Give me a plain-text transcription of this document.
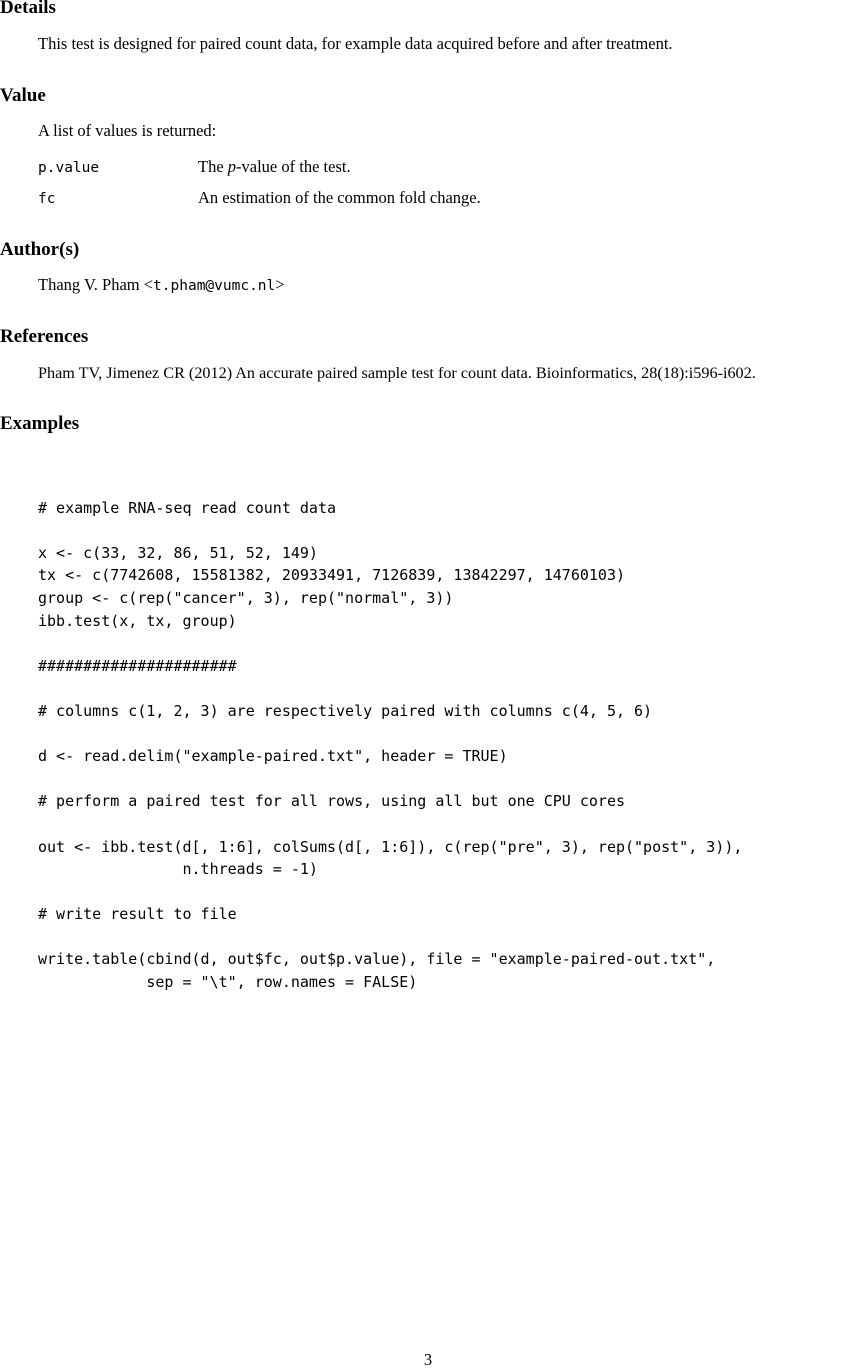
Details

This test is designed for paired count data, for example data acquired before and after treatment.

Value

A list of values is returned:

p.value	The p-value of the test.
fc	An estimation of the common fold change.
Author(s)

Thang V. Pham <t.pham@vumc.nl>

References

Pham TV, Jimenez CR (2012) An accurate paired sample test for count data. Bioinformatics, 28(18):i596-i602.

Examples
# example RNA-seq read count data
x <- c(33, 32, 86, 51, 52, 149)
tx <- c(7742608, 15581382, 20933491, 7126839, 13842297, 14760103)
group <- c(rep("cancer", 3), rep("normal", 3))
ibb.test(x, tx, group)
######################
# columns c(1, 2, 3) are respectively paired with columns c(4, 5, 6)
d <- read.delim("example-paired.txt", header = TRUE)
# perform a paired test for all rows, using all but one CPU cores
out <- ibb.test(d[, 1:6], colSums(d[, 1:6]), c(rep("pre", 3), rep("post", 3)),
n.threads = -1)
# write result to file
write.table(cbind(d, out$fc, out$p.value), file = "example-paired-out.txt",
sep = "\t", row.names = FALSE)
3
